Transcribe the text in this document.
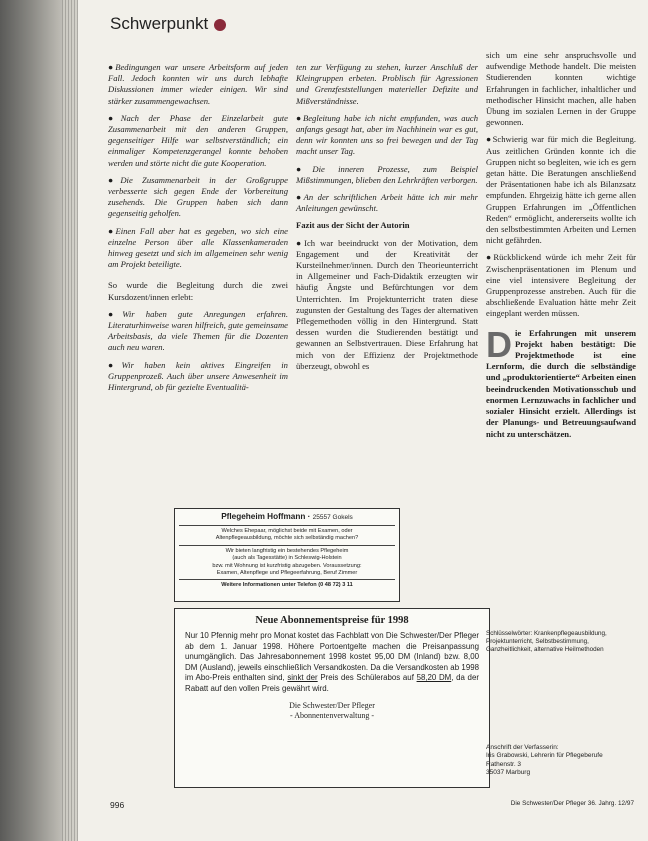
Schwerpunkt

● Bedingungen war unsere Arbeitsform auf jeden Fall. Jedoch konnten wir uns durch lebhafte Diskussionen immer wieder einigen. Wir sind stärker zusammengewachsen.

● Nach der Phase der Einzelarbeit gute Zusammenarbeit mit den anderen Gruppen, gegenseitiger Hilfe war selbstverständlich; ein einmaliger Kompetenzgerangel konnte behoben werden und störte nicht die gute Kooperation.

● Die Zusammenarbeit in der Großgruppe verbesserte sich gegen Ende der Vorbereitung zusehends. Die Gruppen haben sich dann gegenseitig geholfen.

● Einen Fall aber hat es gegeben, wo sich eine einzelne Person über alle Klassenkameraden hinweg gesetzt und sich im allgemeinen sehr wenig am Projekt beteiligte.

So wurde die Begleitung durch die zwei Kursdozent/innen erlebt:

● Wir haben gute Anregungen erfahren. Literaturhinweise waren hilfreich, gute gemeinsame Arbeitsbasis, da viele Themen für die Dozenten auch neu waren.

● Wir haben kein aktives Eingreifen in Gruppenprozeß. Auch über unsere Anwesenheit im Hintergrund, ob für gezielte Eventualitä-

ten zur Verfügung zu stehen, kurzer Anschluß der Kleingruppen erbeten. Problisch für Agressionen und Grenzfeststellungen materieller Defizite und Mißverständnisse.

● Begleitung habe ich nicht empfunden, was auch anfangs gesagt hat, aber im Nachhinein war es gut, denn wir konnten uns so frei bewegen und der Tag macht unser Tag.

● Die inneren Prozesse, zum Beispiel Mißstimmungen, blieben den Lehrkräften verborgen.

● An der schriftlichen Arbeit hätte ich mir mehr Anleitungen gewünscht.

Fazit aus der Sicht der Autorin

● Ich war beeindruckt von der Motivation, dem Engagement und der Kreativität der Kursteilnehmer/innen. Durch den Theorieunterricht in Allgemeiner und Fach-Didaktik erzeugten wir häufig Ängste und Befürchtungen vor dem Unterrichten. Im Projektunterricht traten diese zugunsten der Gestaltung des Tages der alternativen Pflegemethoden völlig in den Hintergrund. Statt dessen wurden die Studierenden bestätigt und gewannen an Selbstvertrauen. Diese Erfahrung hat mich von der Effizienz der Projektmethode überzeugt, obwohl es

sich um eine sehr anspruchsvolle und aufwendige Methode handelt. Die meisten Studierenden konnten wichtige Erfahrungen in fachlicher, inhaltlicher und methodischer Hinsicht machen, alle haben Übung im sozialen Lernen in der Gruppe gewonnen.

● Schwierig war für mich die Begleitung. Aus zeitlichen Gründen konnte ich die Gruppen nicht so begleiten, wie ich es gern getan hätte. Die Beratungen anschließend der Präsentationen habe ich als Bilanzsatz empfunden. Ehrgeizig hätte ich gerne allen Gruppen Erfahrungen im „Öffentlichen Reden“ ermöglicht, andererseits wollte ich den selbstbestimmten Arbeiten und Lernen nicht gefährden.

● Rückblickend würde ich mehr Zeit für Zwischenpräsentationen im Plenum und eine viel intensivere Begleitung der Gruppenprozesse anstreben. Auch für die abschließende Evaluation hätte mehr Zeit eingeplant werden müssen.

Die Erfahrungen mit unserem Projekt haben bestätigt: Die Projektmethode ist eine Lernform, die durch die selbständige und „produktorientierte“ Arbeiten einen beeindruckenden Motivationsschub und enormen Lernzuwachs in fachlicher und sozialer Hinsicht erzielt. Allerdings ist der Planungs- und Betreuungsaufwand nicht zu unterschätzen.

Pflegeheim Hoffmann · 25557 Gokels
Welches Ehepaar, möglichst beide mit Examen, oder
Altenpflegeausbildung, möchte sich selbständig machen?
Wir bieten langfristig ein bestehendes Pflegeheim
(auch als Tagesstätte) in Schleswig-Holstein
bzw. mit Wohnung ist kurzfristig abzugeben. Voraussetzung:
Examen, Altenpflege und Pflegeerfahrung, Beruf Zimmer
Weitere Informationen unter Telefon (0 48 72) 3 11
Neue Abonnementspreise für 1998
Nur 10 Pfennig mehr pro Monat kostet das Fachblatt von Die Schwester/Der Pfleger ab dem 1. Januar 1998. Höhere Portoentgelte machen die Preisanpassung unumgänglich. Das Jahresabonnement 1998 kostet 95,00 DM (Inland) bzw. 8,00 DM (Ausland), jeweils einschließlich Versandkosten. Da die Versandkosten ab 1998 im Abo-Preis enthalten sind, sinkt der Preis des Schülerabos auf 58,20 DM, da der Rabatt auf den vollen Preis gewährt wird.
Die Schwester/Der Pfleger
- Abonnentenverwaltung -
Schlüsselwörter: Krankenpflegeausbildung, Projektunterricht, Selbstbestimmung, Ganzheitlichkeit, alternative Heilmethoden
Anschrift der Verfasserin:
Iris Grabowski, Lehrerin für Pflegeberufe
Rathenstr. 3
35037 Marburg
996	Die Schwester/Der Pfleger 36. Jahrg. 12/97
